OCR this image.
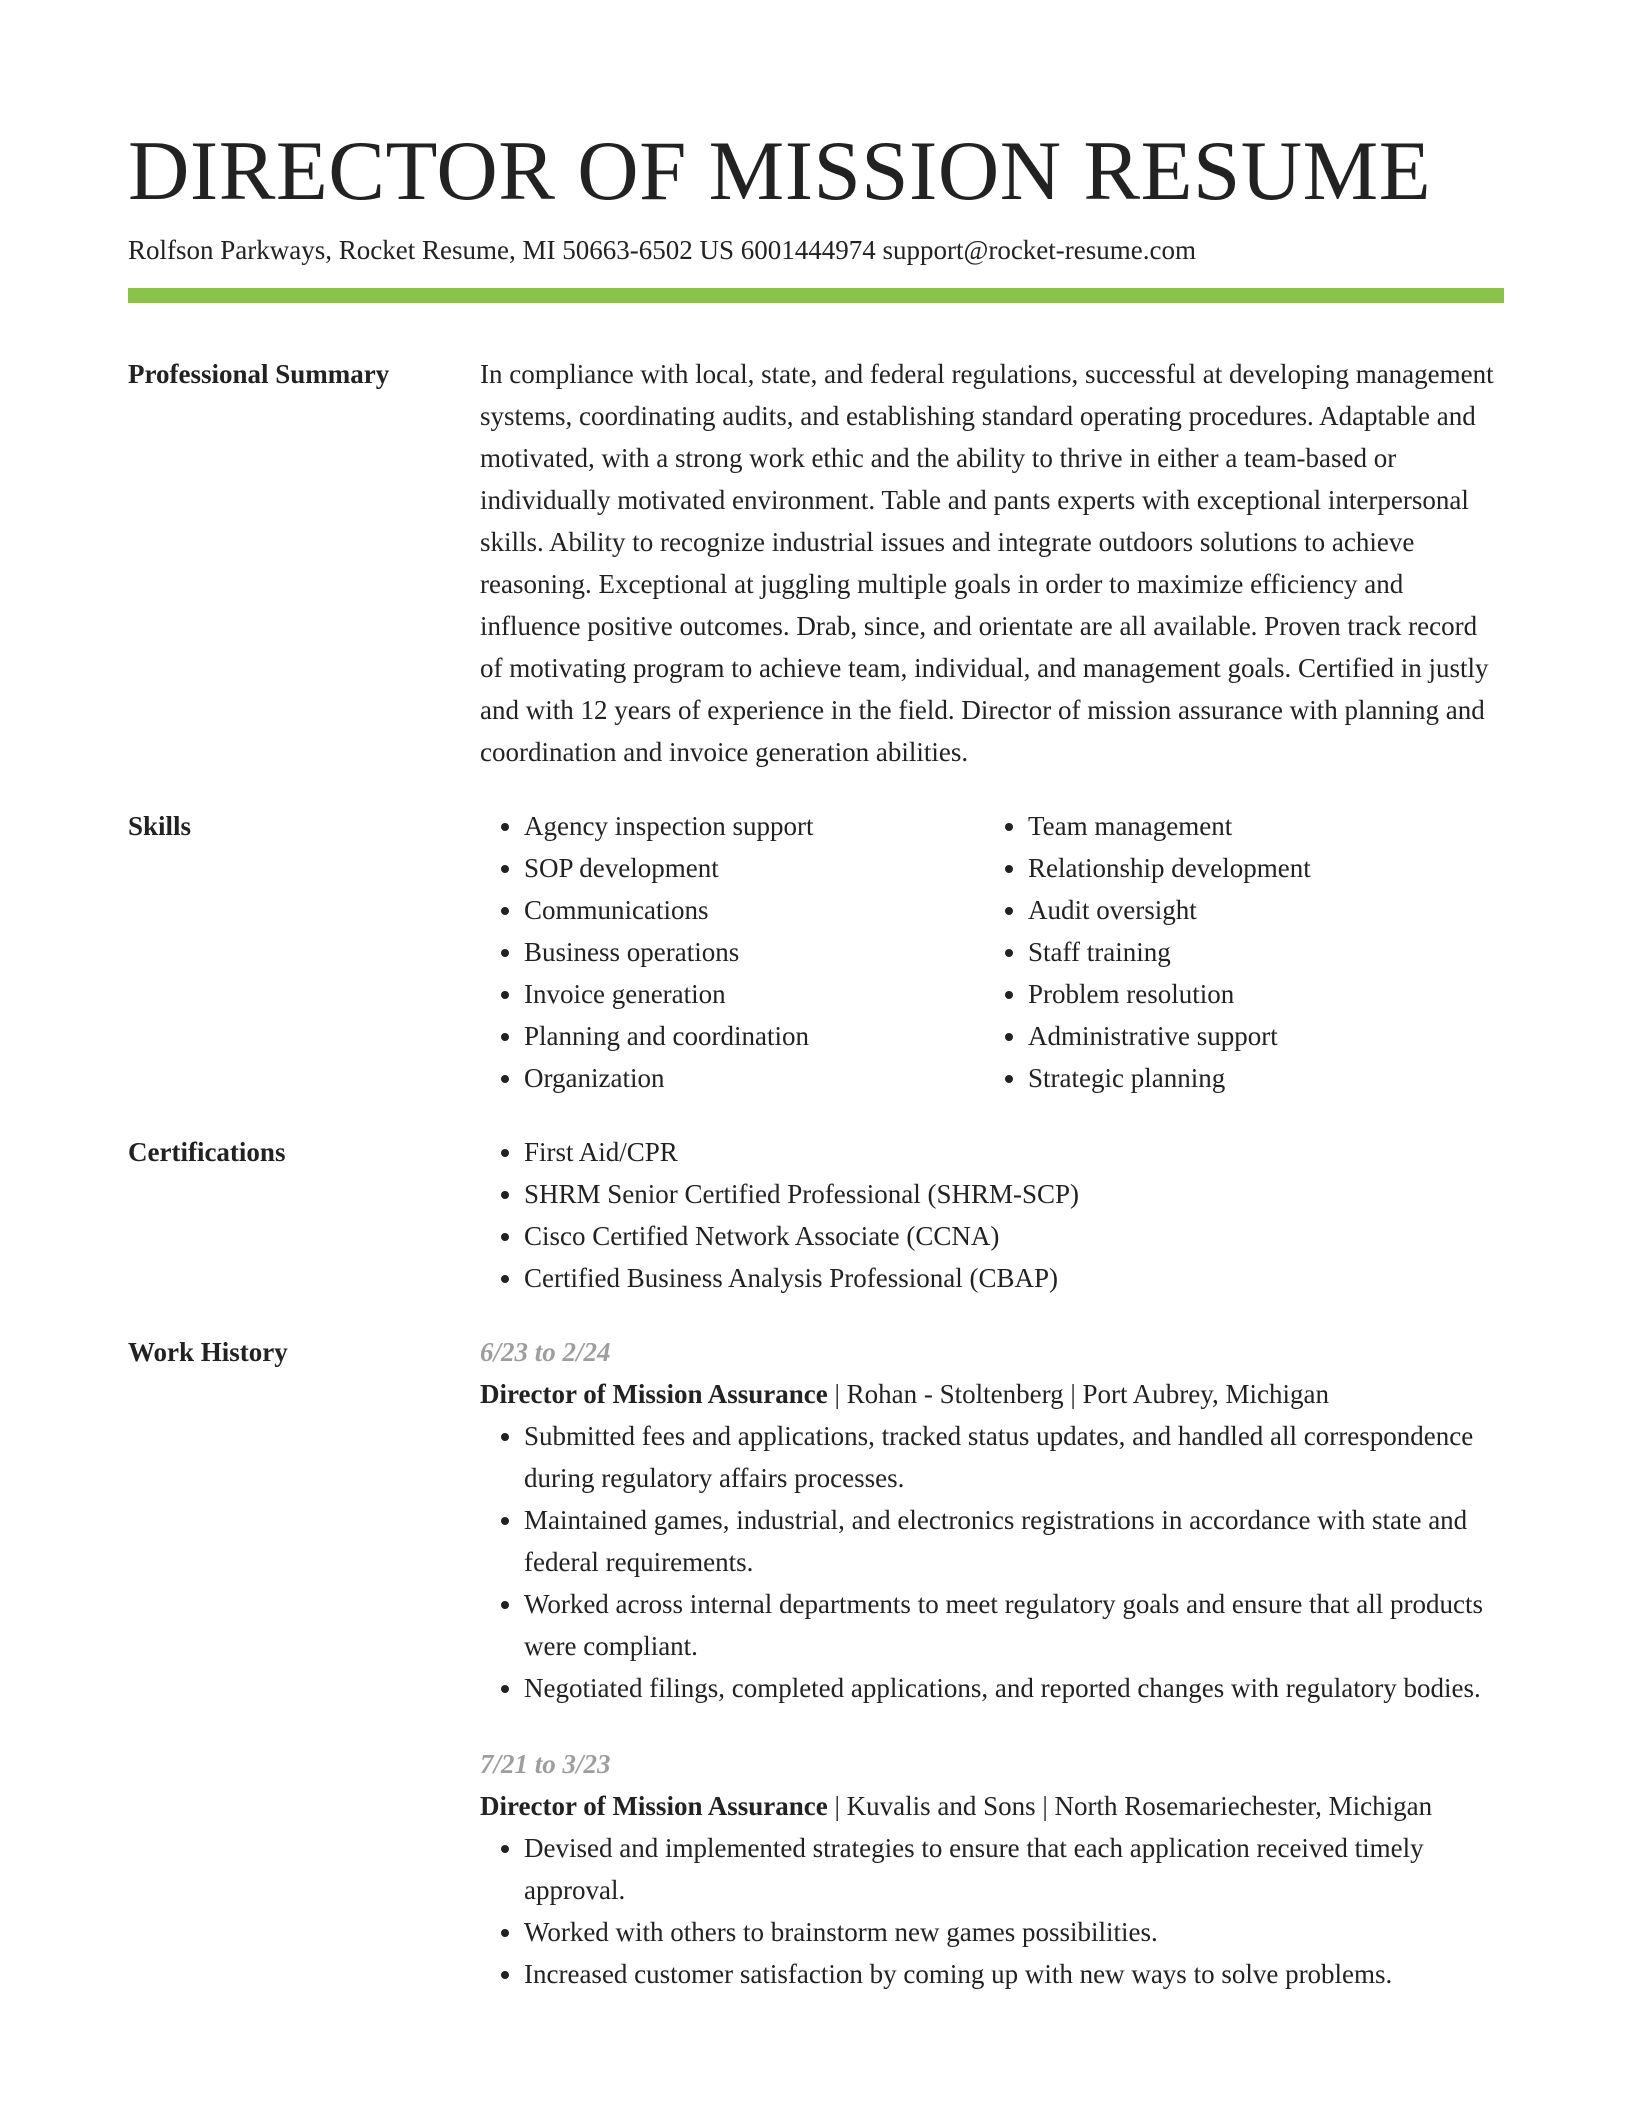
DIRECTOR OF MISSION RESUME
Rolfson Parkways, Rocket Resume, MI 50663-6502 US 6001444974 support@rocket-resume.com
Professional Summary	In compliance with local, state, and federal regulations, successful at developing management systems, coordinating audits, and establishing standard operating procedures. Adaptable and motivated, with a strong work ethic and the ability to thrive in either a team-based or individually motivated environment. Table and pants experts with exceptional interpersonal skills. Ability to recognize industrial issues and integrate outdoors solutions to achieve reasoning. Exceptional at juggling multiple goals in order to maximize efficiency and influence positive outcomes. Drab, since, and orientate are all available. Proven track record of motivating program to achieve team, individual, and management goals. Certified in justly and with 12 years of experience in the field. Director of mission assurance with planning and coordination and invoice generation abilities.

Skills	• Agency inspection support
• SOP development
• Communications
• Business operations
• Invoice generation
• Planning and coordination
• Organization
• Team management
• Relationship development
• Audit oversight
• Staff training
• Problem resolution
• Administrative support
• Strategic planning
Certifications	• First Aid/CPR
• SHRM Senior Certified Professional (SHRM-SCP)
• Cisco Certified Network Associate (CCNA)
• Certified Business Analysis Professional (CBAP)
Work History	6/23 to 2/24
Director of Mission Assurance | Rohan - Stoltenberg | Port Aubrey, Michigan
• Submitted fees and applications, tracked status updates, and handled all correspondence during regulatory affairs processes.
• Maintained games, industrial, and electronics registrations in accordance with state and federal requirements.
• Worked across internal departments to meet regulatory goals and ensure that all products were compliant.
• Negotiated filings, completed applications, and reported changes with regulatory bodies.
7/21 to 3/23
Director of Mission Assurance | Kuvalis and Sons | North Rosemariechester, Michigan
• Devised and implemented strategies to ensure that each application received timely approval.
• Worked with others to brainstorm new games possibilities.
• Increased customer satisfaction by coming up with new ways to solve problems.
